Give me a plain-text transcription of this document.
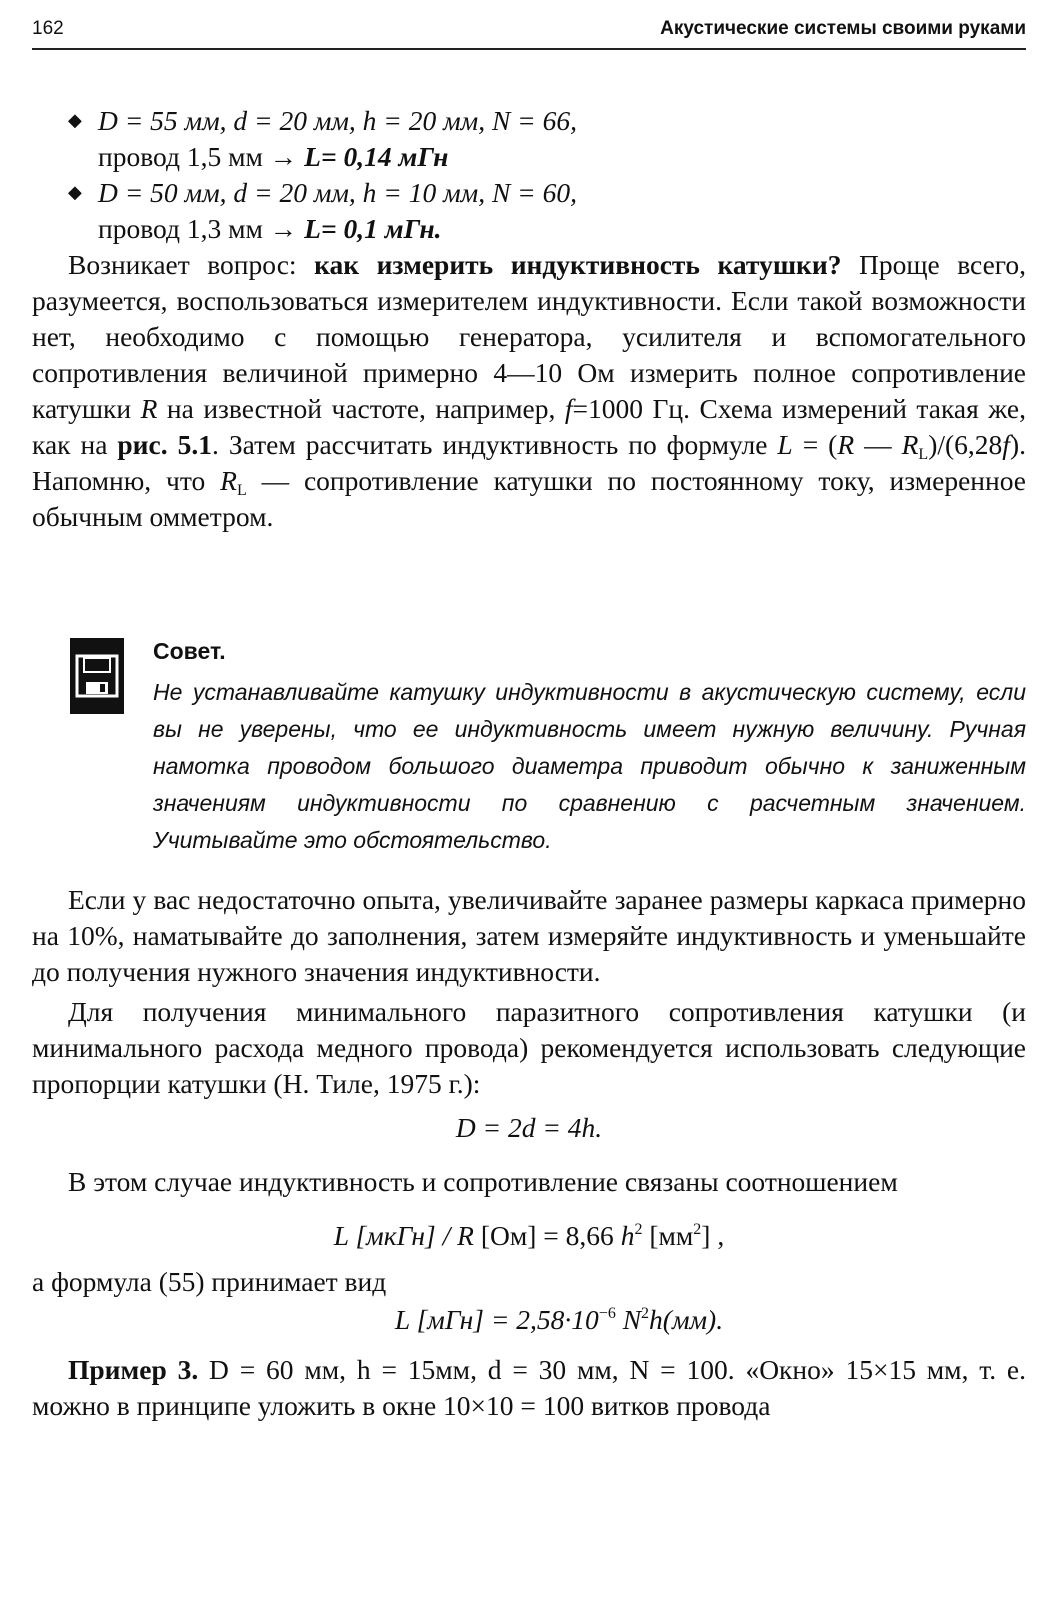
162	Акустические системы своими руками
◆ D = 55 мм, d = 20 мм, h = 20 мм, N = 66,
провод 1,5 мм → L= 0,14 мГн
◆ D = 50 мм, d = 20 мм, h = 10 мм, N = 60,
провод 1,3 мм → L= 0,1 мГн.

Возникает вопрос: как измерить индуктивность катушки? Проще всего, разумеется, воспользоваться измерителем индуктивности. Если такой возможности нет, необходимо с помощью генератора, усилителя и вспомогательного сопротивления величиной примерно 4—10 Ом измерить полное сопротивление катушки R на известной частоте, например, f=1000 Гц. Схема измерений такая же, как на рис. 5.1. Затем рассчитать индуктивность по формуле L = (R — $R_L)/(6,28f)$. Напомню, что $R_L$ — сопротивление катушки по постоянному току, измеренное обычным омметром.

Совет.
Не устанавливайте катушку индуктивности в акустическую систему, если вы не уверены, что ее индуктивность имеет нужную величину. Ручная намотка проводом большого диаметра приводит обычно к заниженным значениям индуктивности по сравнению с расчетным значением. Учитывайте это обстоятельство.

Если у вас недостаточно опыта, увеличивайте заранее размеры каркаса примерно на 10%, наматывайте до заполнения, затем измеряйте индуктивность и уменьшайте до получения нужного значения индуктивности.

Для получения минимального паразитного сопротивления катушки (и минимального расхода медного провода) рекомендуется использовать следующие пропорции катушки (Н. Тиле, 1975 г.):

D = 2d = 4h.

В этом случае индуктивность и сопротивление связаны соотношением

L [мкГн] / R [Ом] = 8,66 $h^2$ $[мм^2]$ ,

а формула (55) принимает вид

L $[мГн] = 2,58\cdot 10^{-6}$ $N^2h(мм)$.

Пример 3. D = 60 мм, h = 15мм, d = 30 мм, N = 100. «Окно» 15×15 мм, т. е. можно в принципе уложить в окне 10×10 = 100 витков провода
